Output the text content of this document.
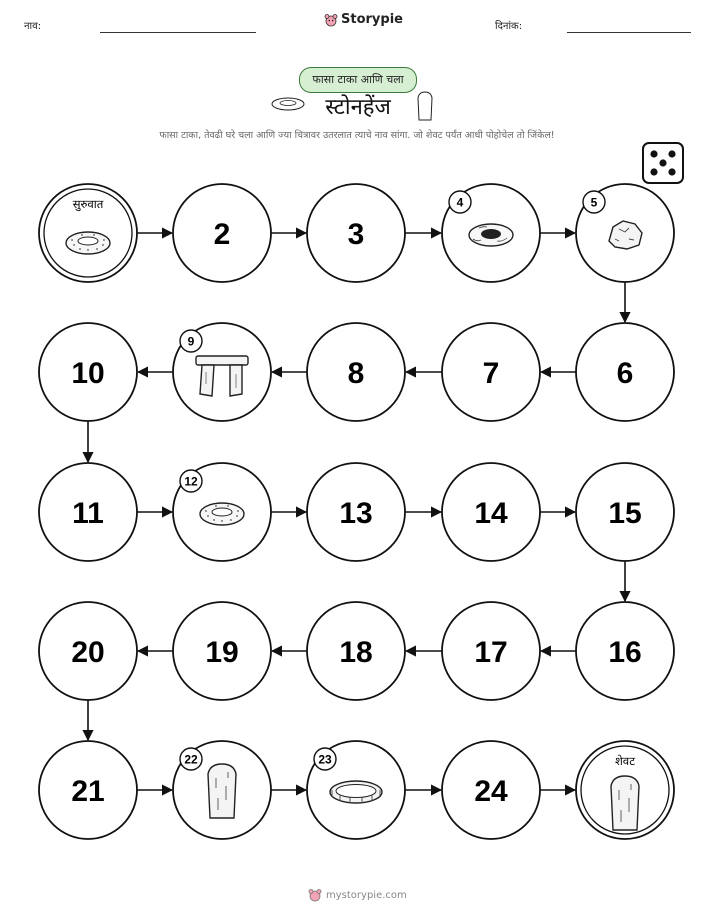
नाव:	दिनांक:
Storypie
फासा टाका आणि चला
स्टोनहेंज
फासा टाका, तेवढी घरे चला आणि ज्या चित्रावर उतरलात त्याचे नाव सांगा. जो शेवट पर्यंत आधी पोहोचेल तो जिंकेल!
सुरुवात
2	3
4	5
6
7
8
9
10
11
12
13	14	15
16
17
18
19
20
21
22	23
24
शेवट
mystorypie.com
